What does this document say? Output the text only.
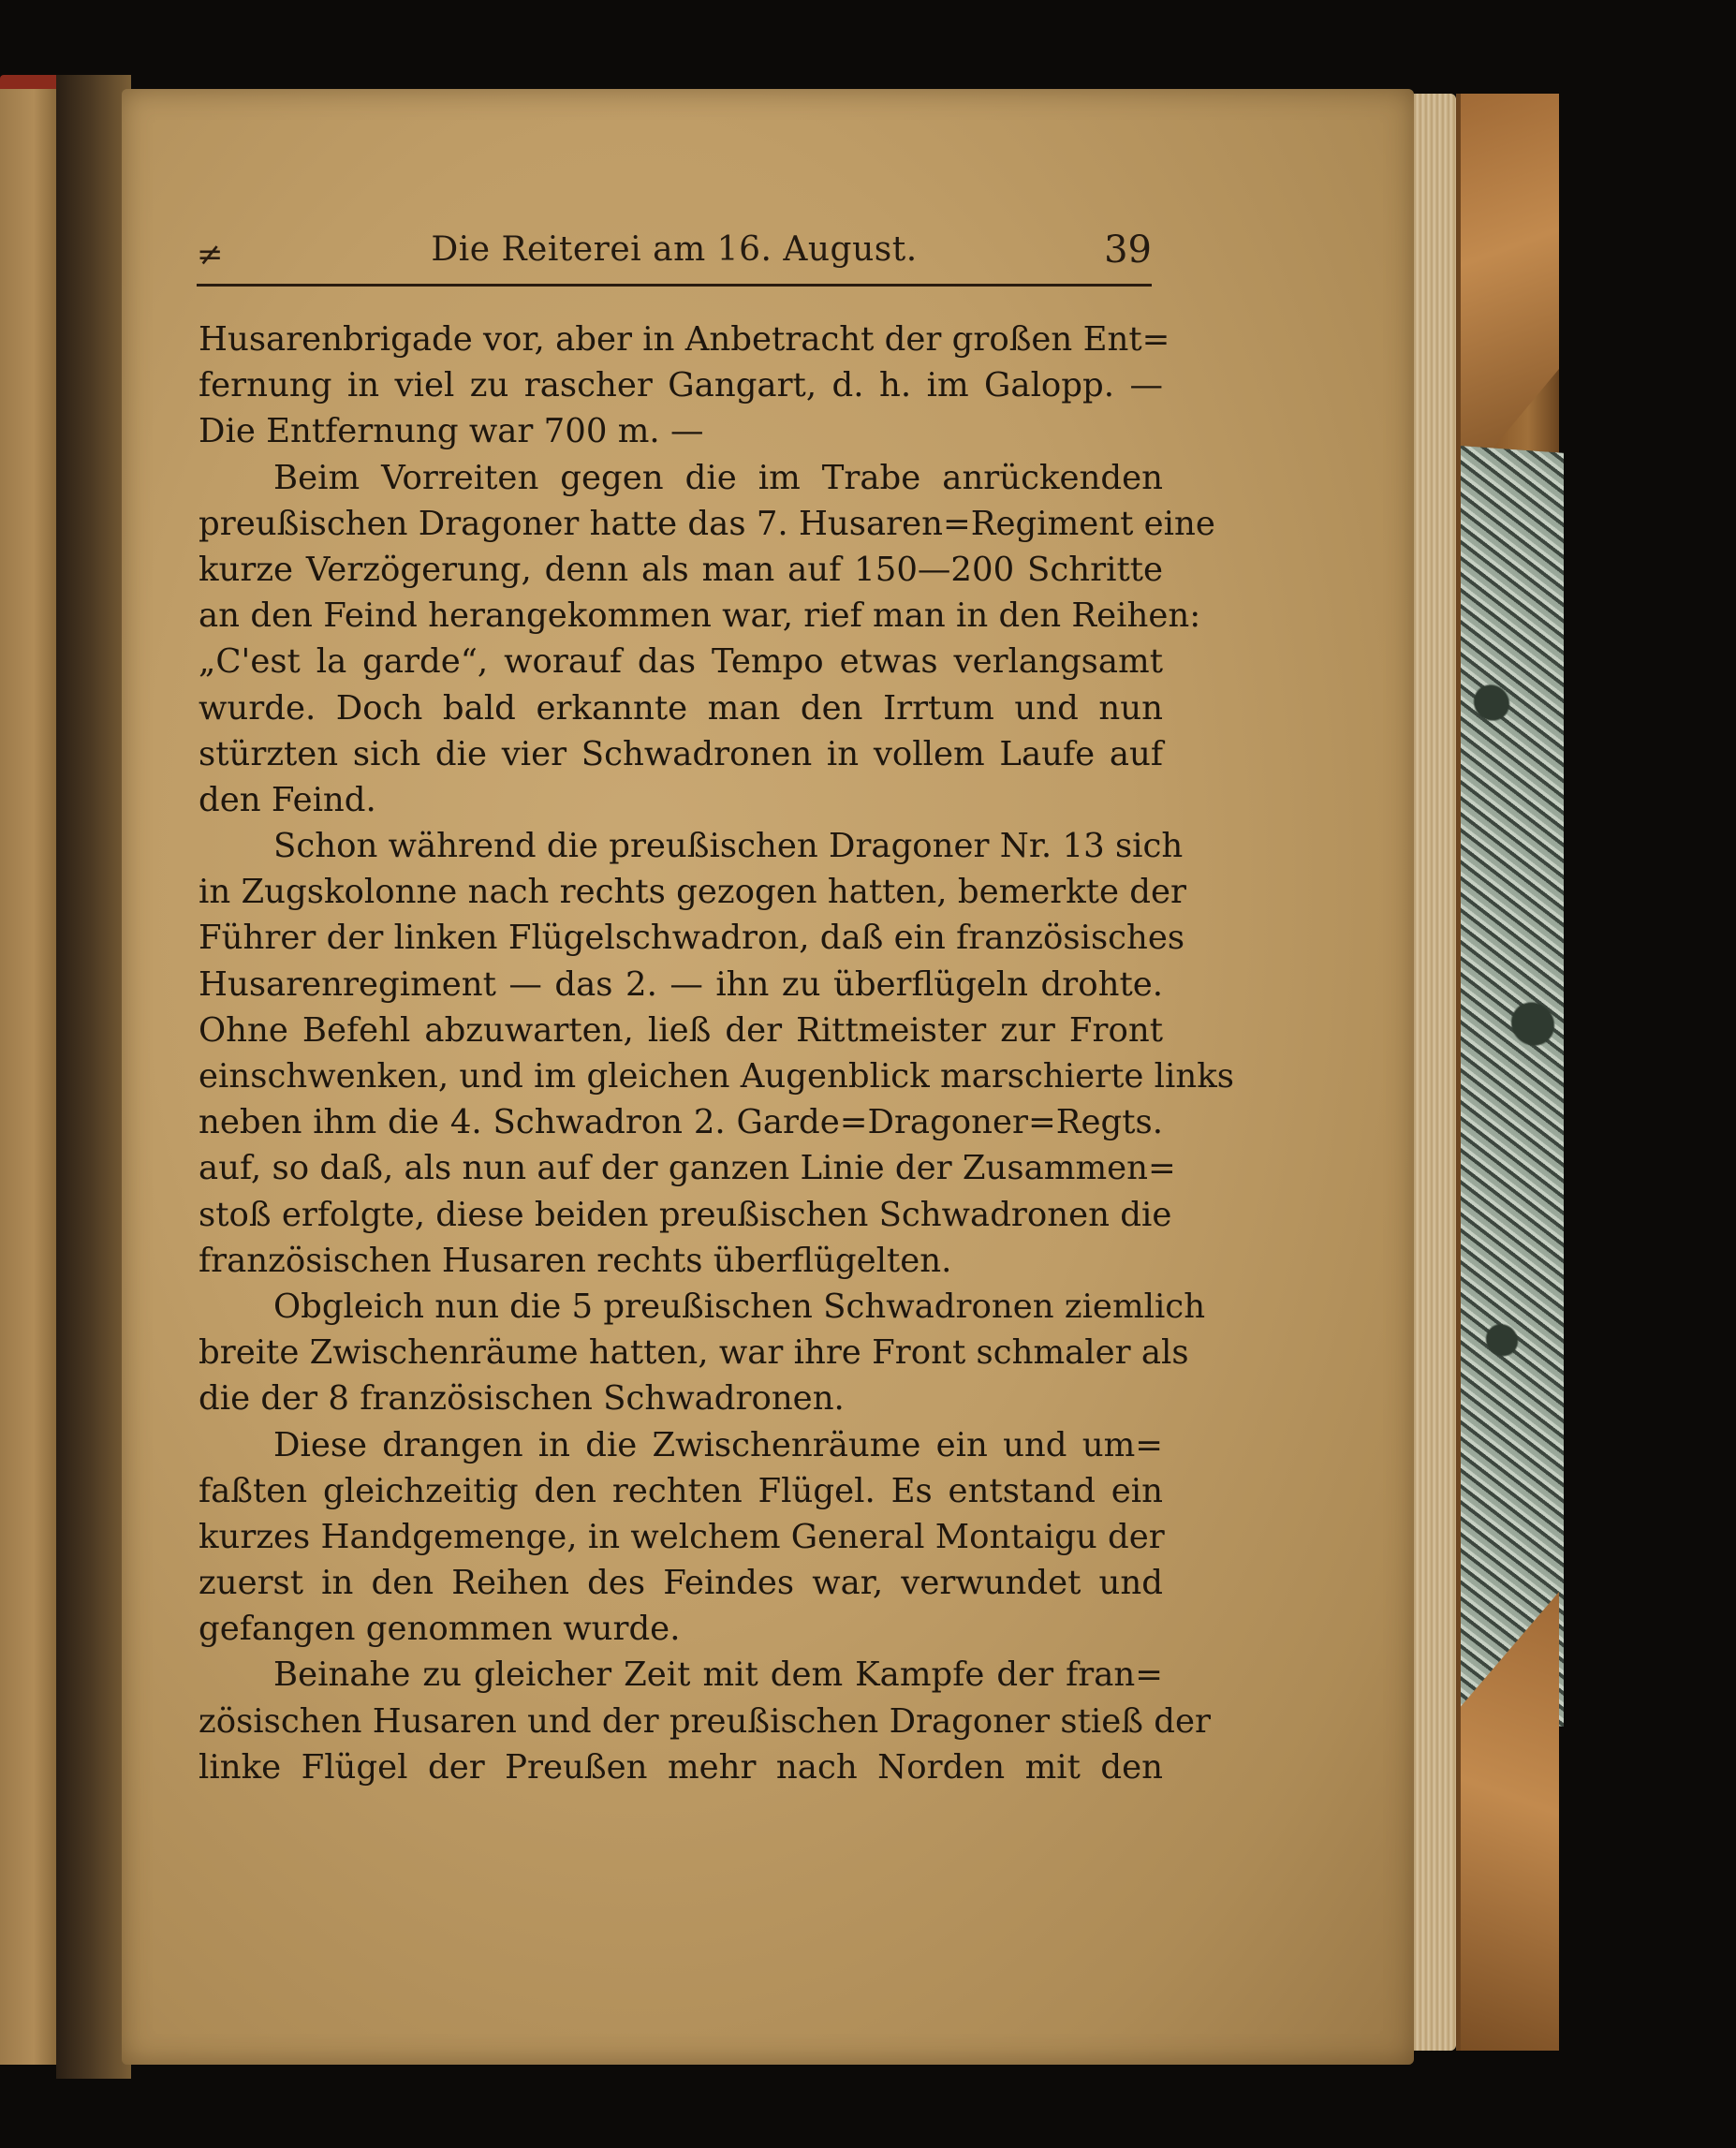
≠	Die Reiterei am 16. August.	39
Husarenbrigade vor, aber in Anbetracht der großen Ent=
fernung in viel zu rascher Gangart, d. h. im Galopp. —
Die Entfernung war 700 m. —
Beim Vorreiten gegen die im Trabe anrückenden
preußischen Dragoner hatte das 7. Husaren=Regiment eine
kurze Verzögerung, denn als man auf 150—200 Schritte
an den Feind herangekommen war, rief man in den Reihen:
„C'est la garde“, worauf das Tempo etwas verlangsamt
wurde. Doch bald erkannte man den Irrtum und nun
stürzten sich die vier Schwadronen in vollem Laufe auf
den Feind.
Schon während die preußischen Dragoner Nr. 13 sich
in Zugskolonne nach rechts gezogen hatten, bemerkte der
Führer der linken Flügelschwadron, daß ein französisches
Husarenregiment — das 2. — ihn zu überflügeln drohte.
Ohne Befehl abzuwarten, ließ der Rittmeister zur Front
einschwenken, und im gleichen Augenblick marschierte links
neben ihm die 4. Schwadron 2. Garde=Dragoner=Regts.
auf, so daß, als nun auf der ganzen Linie der Zusammen=
stoß erfolgte, diese beiden preußischen Schwadronen die
französischen Husaren rechts überflügelten.
Obgleich nun die 5 preußischen Schwadronen ziemlich
breite Zwischenräume hatten, war ihre Front schmaler als
die der 8 französischen Schwadronen.
Diese drangen in die Zwischenräume ein und um=
faßten gleichzeitig den rechten Flügel. Es entstand ein
kurzes Handgemenge, in welchem General Montaigu der
zuerst in den Reihen des Feindes war, verwundet und
gefangen genommen wurde.
Beinahe zu gleicher Zeit mit dem Kampfe der fran=
zösischen Husaren und der preußischen Dragoner stieß der
linke Flügel der Preußen mehr nach Norden mit den
